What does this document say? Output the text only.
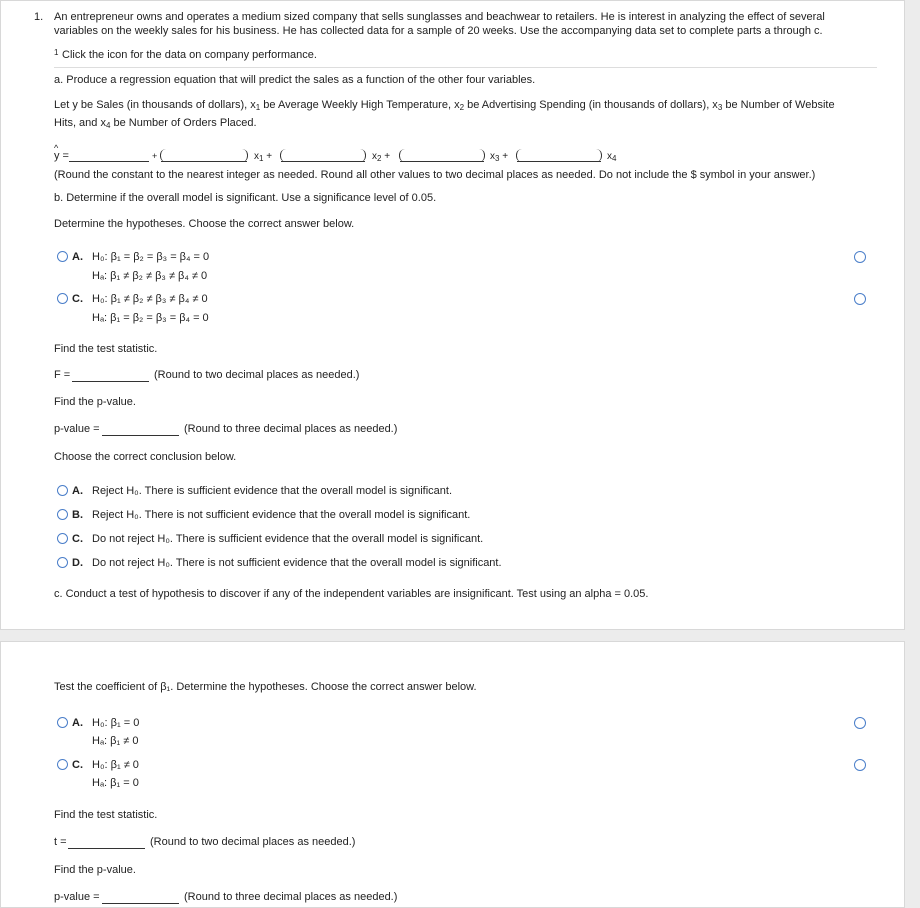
1. An entrepreneur owns and operates a medium sized company that sells sunglasses and beachwear to retailers. He is interest in analyzing the effect of several
variables on the weekly sales for his business. He has collected data for a sample of 20 weeks. Use the accompanying data set to complete parts a through c.
1 Click the icon for the data on company performance.
a. Produce a regression equation that will predict the sales as a function of the other four variables.
Let y be Sales (in thousands of dollars), $x_1$ be Average Weekly High Temperature, $x_2$ be Advertising Spending (in thousands of dollars), $x_3$ be Number of Website
Hits, and $x_4$ be Number of Orders Placed.
^ y =	+	$x_1$ +	$x_2$ +	$x_3$ +	$x_4$
(Round the constant to the nearest integer as needed. Round all other values to two decimal places as needed. Do not include the $ symbol in your answer.)
b. Determine if the overall model is significant. Use a significance level of 0.05.
Determine the hypotheses. Choose the correct answer below.
A. H₀: β₁ = β₂ = β₃ = β₄ = 0
Hₐ: β₁ ≠ β₂ ≠ β₃ ≠ β₄ ≠ 0
C. H₀: β₁ ≠ β₂ ≠ β₃ ≠ β₄ ≠ 0
Hₐ: β₁ = β₂ = β₃ = β₄ = 0
Find the test statistic.
F =	(Round to two decimal places as needed.)
Find the p-value.
p-value =	(Round to three decimal places as needed.)
Choose the correct conclusion below.
A. Reject H₀. There is sufficient evidence that the overall model is significant.
B. Reject H₀. There is not sufficient evidence that the overall model is significant.
C. Do not reject H₀. There is sufficient evidence that the overall model is significant.
D. Do not reject H₀. There is not sufficient evidence that the overall model is significant.
c. Conduct a test of hypothesis to discover if any of the independent variables are insignificant. Test using an alpha = 0.05.
Test the coefficient of β₁. Determine the hypotheses. Choose the correct answer below.
A. H₀: β₁ = 0
Hₐ: β₁ ≠ 0
C. H₀: β₁ ≠ 0
Hₐ: β₁ = 0
Find the test statistic.
t =	(Round to two decimal places as needed.)
Find the p-value.
p-value =	(Round to three decimal places as needed.)
